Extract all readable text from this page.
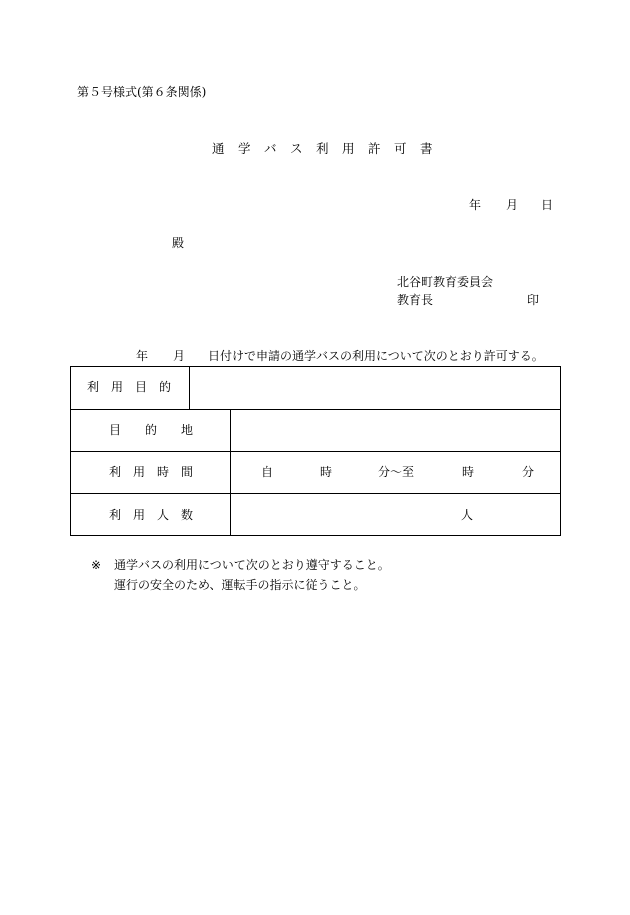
第５号様式(第６条関係)
通学バス利用許可書
年 月 日
殿
北谷町教育委員会
教育長	印
年 月 日付けで申請の通学バスの利用について次のとおり許可する。
利　用　目　的
目　　的　　地
利　用　時　間	自	時	分〜至	時	分
利　用　人　数	人
※ 通学バスの利用について次のとおり遵守すること。
運行の安全のため、運転手の指示に従うこと。
